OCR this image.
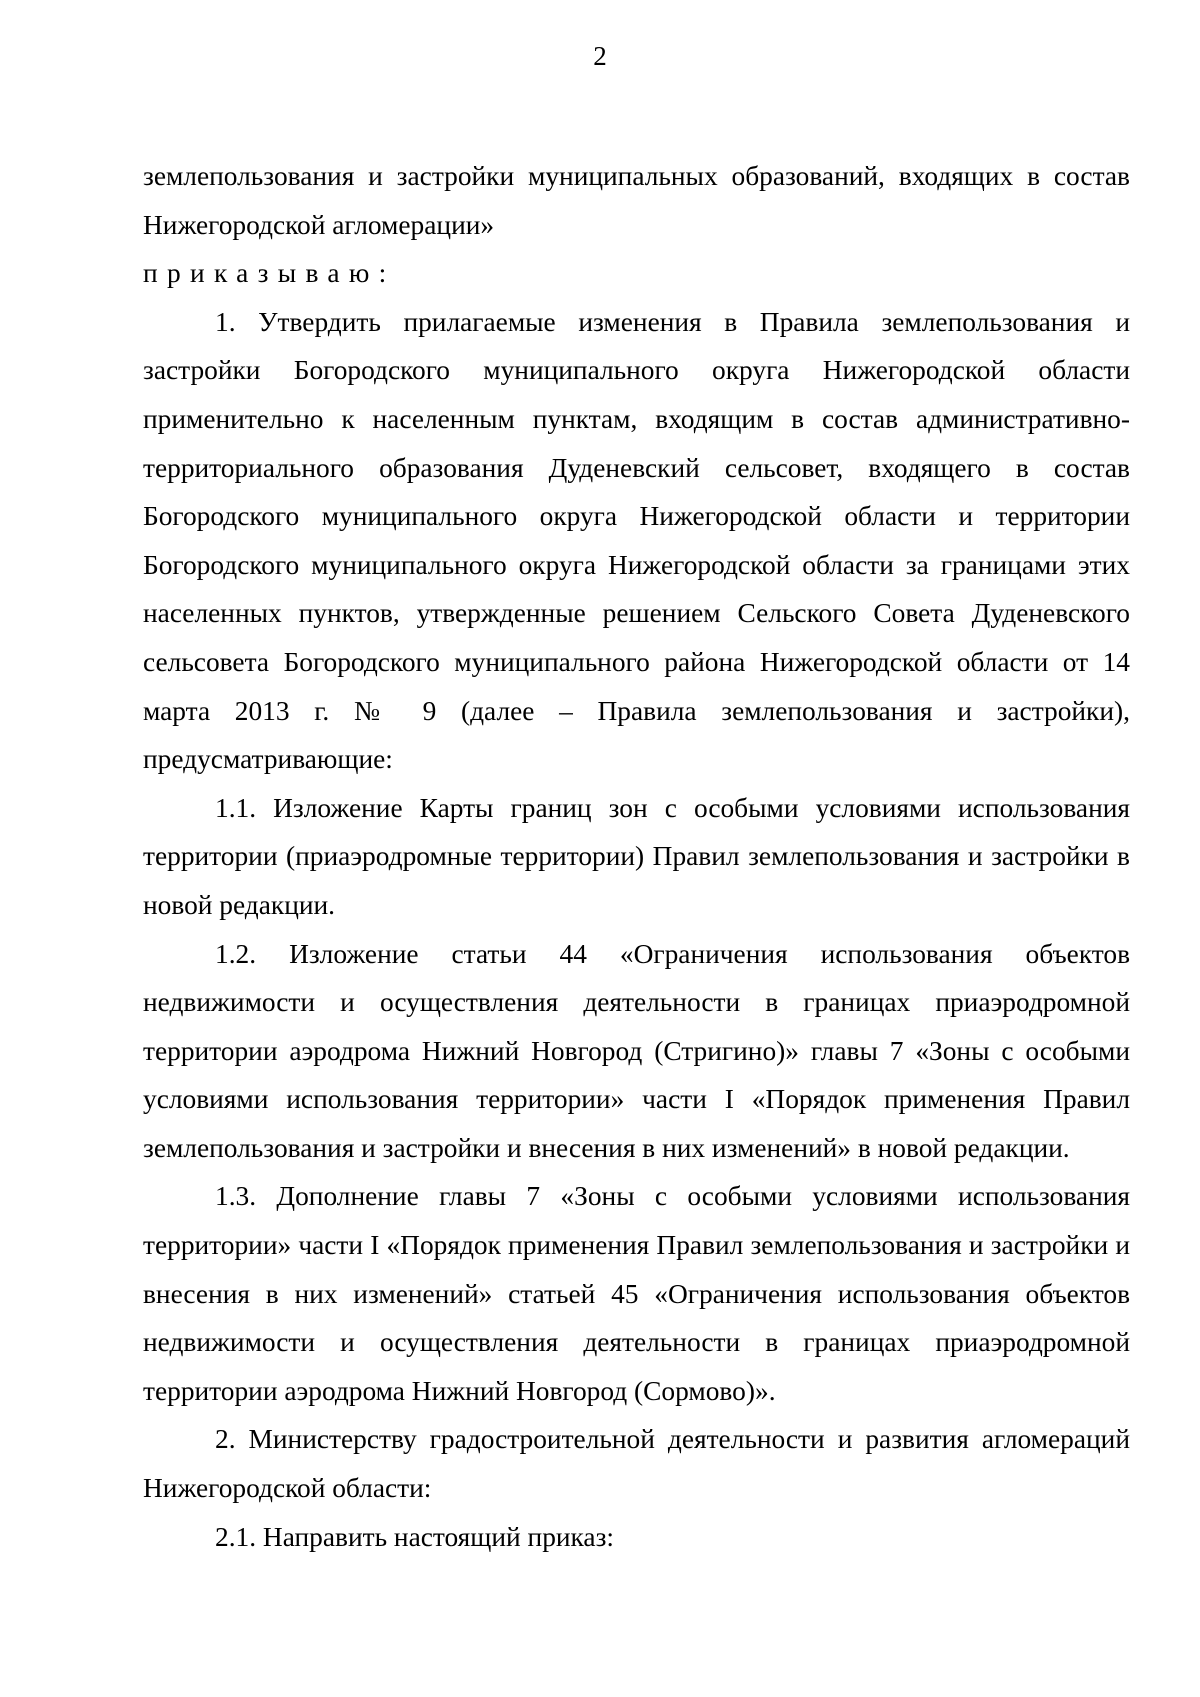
2

землепользования и застройки муниципальных образований, входящих в состав Нижегородской агломерации»

приказываю:

1. Утвердить прилагаемые изменения в Правила землепользования и застройки Богородского муниципального округа Нижегородской области применительно к населенным пунктам, входящим в состав административно-территориального образования Дуденевский сельсовет, входящего в состав Богородского муниципального округа Нижегородской области и территории Богородского муниципального округа Нижегородской области за границами этих населенных пунктов, утвержденные решением Сельского Совета Дуденевского сельсовета Богородского муниципального района Нижегородской области от 14 марта 2013 г. № 9 (далее – Правила землепользования и застройки), предусматривающие:

1.1. Изложение Карты границ зон с особыми условиями использования территории (приаэродромные территории) Правил землепользования и застройки в новой редакции.

1.2. Изложение статьи 44 «Ограничения использования объектов недвижимости и осуществления деятельности в границах приаэродромной территории аэродрома Нижний Новгород (Стригино)» главы 7 «Зоны с особыми условиями использования территории» части I «Порядок применения Правил землепользования и застройки и внесения в них изменений» в новой редакции.

1.3. Дополнение главы 7 «Зоны с особыми условиями использования территории» части I «Порядок применения Правил землепользования и застройки и внесения в них изменений» статьей 45 «Ограничения использования объектов недвижимости и осуществления деятельности в границах приаэродромной территории аэродрома Нижний Новгород (Сормово)».

2. Министерству градостроительной деятельности и развития агломераций Нижегородской области:

2.1. Направить настоящий приказ:
